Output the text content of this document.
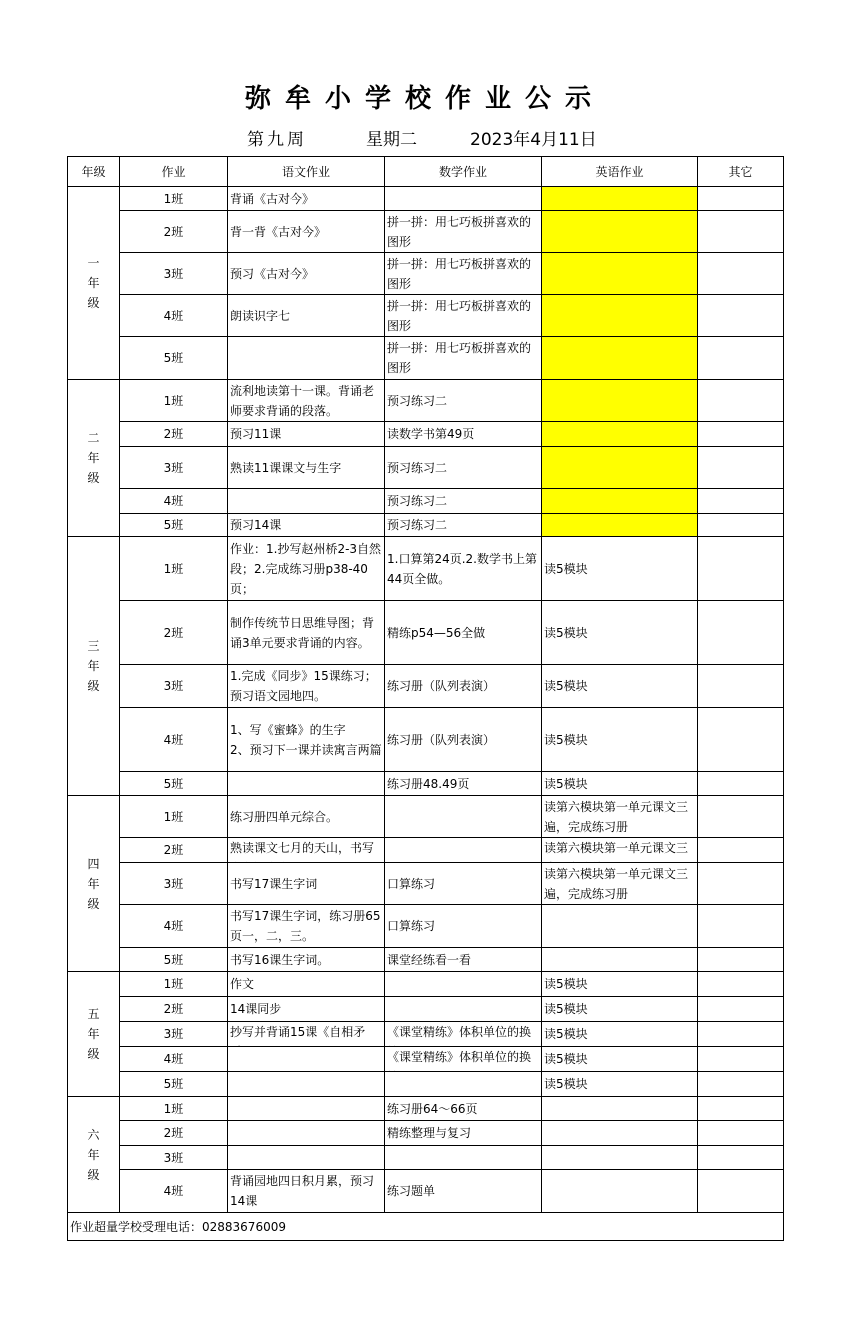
弥牟小学校作业公示
第九周	星期二	2023年4月11日
年级	作业	语文作业	数学作业	英语作业	其它
一
年
级	1班	背诵《古对今》			

	2班	背一背《古对今》	拼一拼：用七巧板拼喜欢的图形		

	3班	预习《古对今》	拼一拼：用七巧板拼喜欢的图形		

	4班	朗读识字七	拼一拼：用七巧板拼喜欢的图形		

	5班		拼一拼：用七巧板拼喜欢的图形		

二
年
级	1班	流利地读第十一课。背诵老师要求背诵的段落。	预习练习二		

	2班	预习11课	读数学书第49页		

	3班	熟读11课课文与生字	预习练习二		

	4班		预习练习二		

	5班	预习14课	预习练习二		

三
年
级	1班	作业：1.抄写赵州桥2-3自然段；2.完成练习册p38-40页；	1.口算第24页.2.数学书上第44页全做。	读5模块	

	2班	制作传统节日思维导图；背诵3单元要求背诵的内容。	精练p54—56全做	读5模块	

	3班	1.完成《同步》15课练习；预习语文园地四。	练习册（队列表演）	读5模块	

	4班	1、写《蜜蜂》的生字
2、预习下一课并读寓言两篇	练习册（队列表演）	读5模块	

	5班		练习册48.49页	读5模块	

四
年
级	1班	练习册四单元综合。		读第六模块第一单元课文三遍，完成练习册	

	2班	熟读课文七月的天山，书写		读第六模块第一单元课文三	

	3班	书写17课生字词	口算练习	读第六模块第一单元课文三遍，完成练习册	

	4班	书写17课生字词，练习册65页一，二，三。	口算练习		

	5班	书写16课生字词。	课堂经练看一看		

五
年
级	1班	作文		读5模块	

	2班	14课同步		读5模块	

	3班	抄写并背诵15课《自相矛	《课堂精练》体积单位的换	读5模块	

	4班		《课堂精练》体积单位的换	读5模块	

	5班			读5模块	

六
年
级	1班		练习册64～66页		

	2班		精练整理与复习		

	3班	

	4班	背诵园地四日积月累，预习14课	练习题单		

作业超量学校受理电话：02883676009					
